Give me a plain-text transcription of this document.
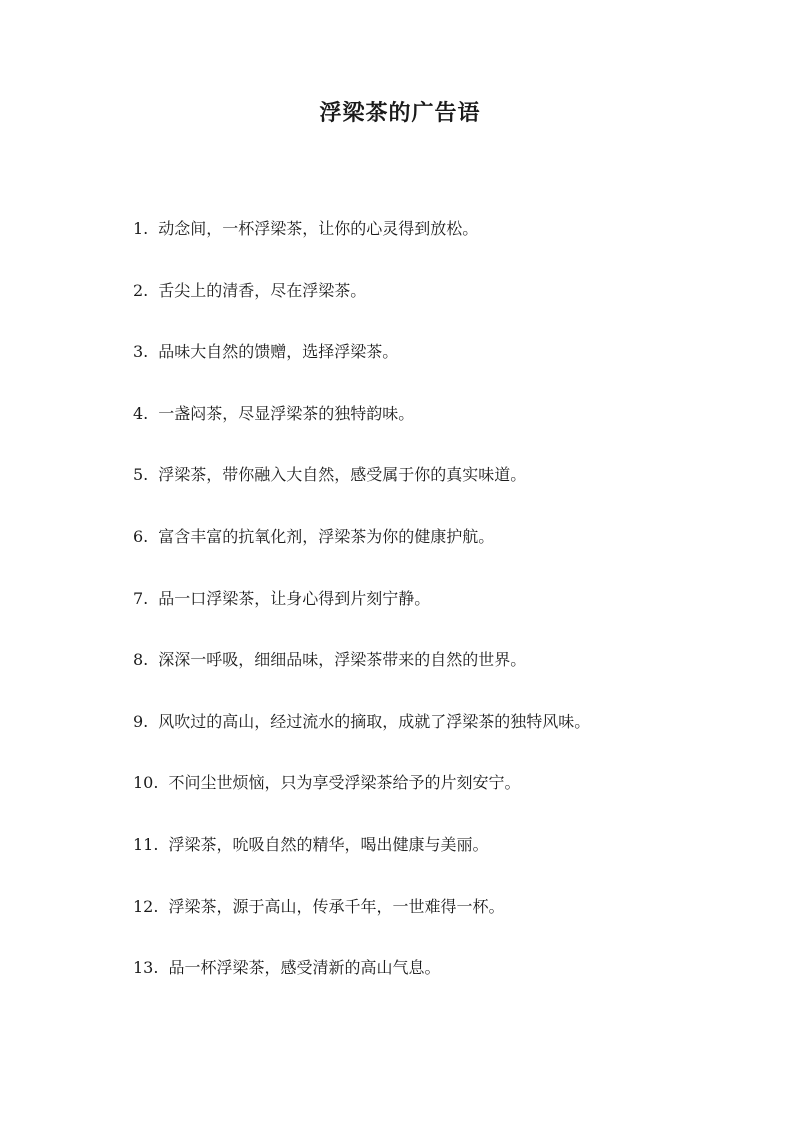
浮梁茶的广告语
1. 动念间，一杯浮梁茶，让你的心灵得到放松。
2. 舌尖上的清香，尽在浮梁茶。
3. 品味大自然的馈赠，选择浮梁茶。
4. 一盏闷茶，尽显浮梁茶的独特韵味。
5. 浮梁茶，带你融入大自然，感受属于你的真实味道。
6. 富含丰富的抗氧化剂，浮梁茶为你的健康护航。
7. 品一口浮梁茶，让身心得到片刻宁静。
8. 深深一呼吸，细细品味，浮梁茶带来的自然的世界。
9. 风吹过的高山，经过流水的摘取，成就了浮梁茶的独特风味。
10. 不问尘世烦恼，只为享受浮梁茶给予的片刻安宁。
11. 浮梁茶，吮吸自然的精华，喝出健康与美丽。
12. 浮梁茶，源于高山，传承千年，一世难得一杯。
13. 品一杯浮梁茶，感受清新的高山气息。
